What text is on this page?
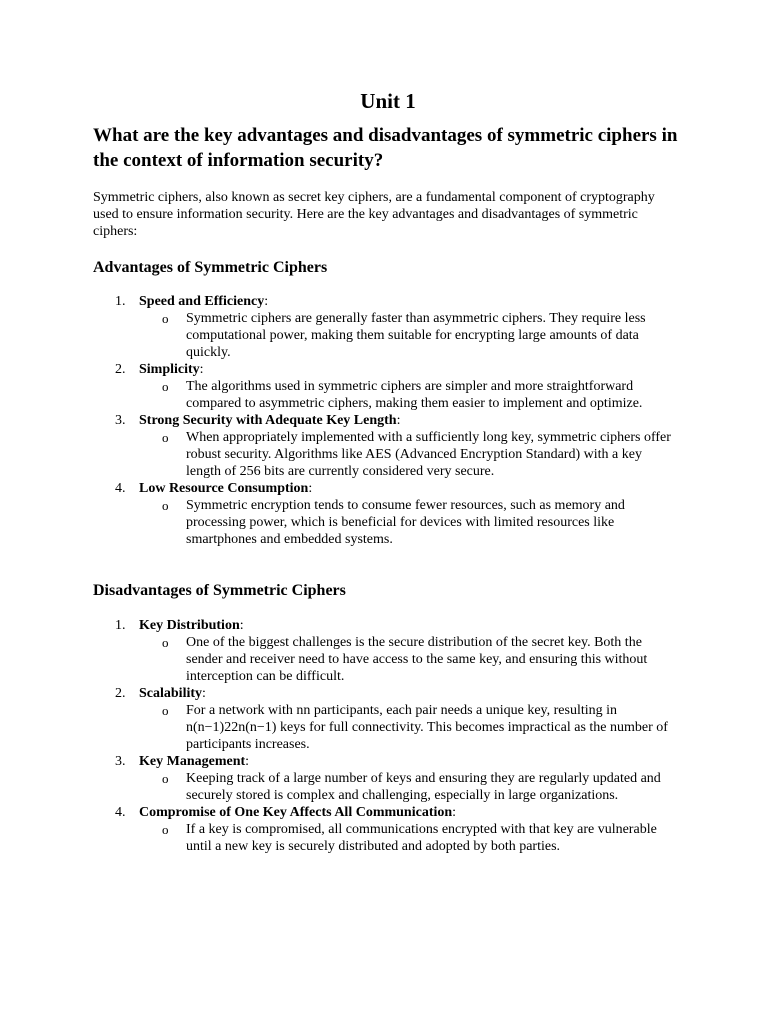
Unit 1
What are the key advantages and disadvantages of symmetric ciphers in the context of information security?

Symmetric ciphers, also known as secret key ciphers, are a fundamental component of cryptography used to ensure information security. Here are the key advantages and disadvantages of symmetric ciphers:

Advantages of Symmetric Ciphers
1. Speed and Efficiency:
o Symmetric ciphers are generally faster than asymmetric ciphers. They require less computational power, making them suitable for encrypting large amounts of data quickly.
2. Simplicity:
o The algorithms used in symmetric ciphers are simpler and more straightforward compared to asymmetric ciphers, making them easier to implement and optimize.
3. Strong Security with Adequate Key Length:
o When appropriately implemented with a sufficiently long key, symmetric ciphers offer robust security. Algorithms like AES (Advanced Encryption Standard) with a key length of 256 bits are currently considered very secure.
4. Low Resource Consumption:
o Symmetric encryption tends to consume fewer resources, such as memory and processing power, which is beneficial for devices with limited resources like smartphones and embedded systems.
Disadvantages of Symmetric Ciphers
1. Key Distribution:
o One of the biggest challenges is the secure distribution of the secret key. Both the sender and receiver need to have access to the same key, and ensuring this without interception can be difficult.
2. Scalability:
o For a network with nn participants, each pair needs a unique key, resulting in n(n−1)22n(n−1) keys for full connectivity. This becomes impractical as the number of participants increases.
3. Key Management:
o Keeping track of a large number of keys and ensuring they are regularly updated and securely stored is complex and challenging, especially in large organizations.
4. Compromise of One Key Affects All Communication:
o If a key is compromised, all communications encrypted with that key are vulnerable until a new key is securely distributed and adopted by both parties.
